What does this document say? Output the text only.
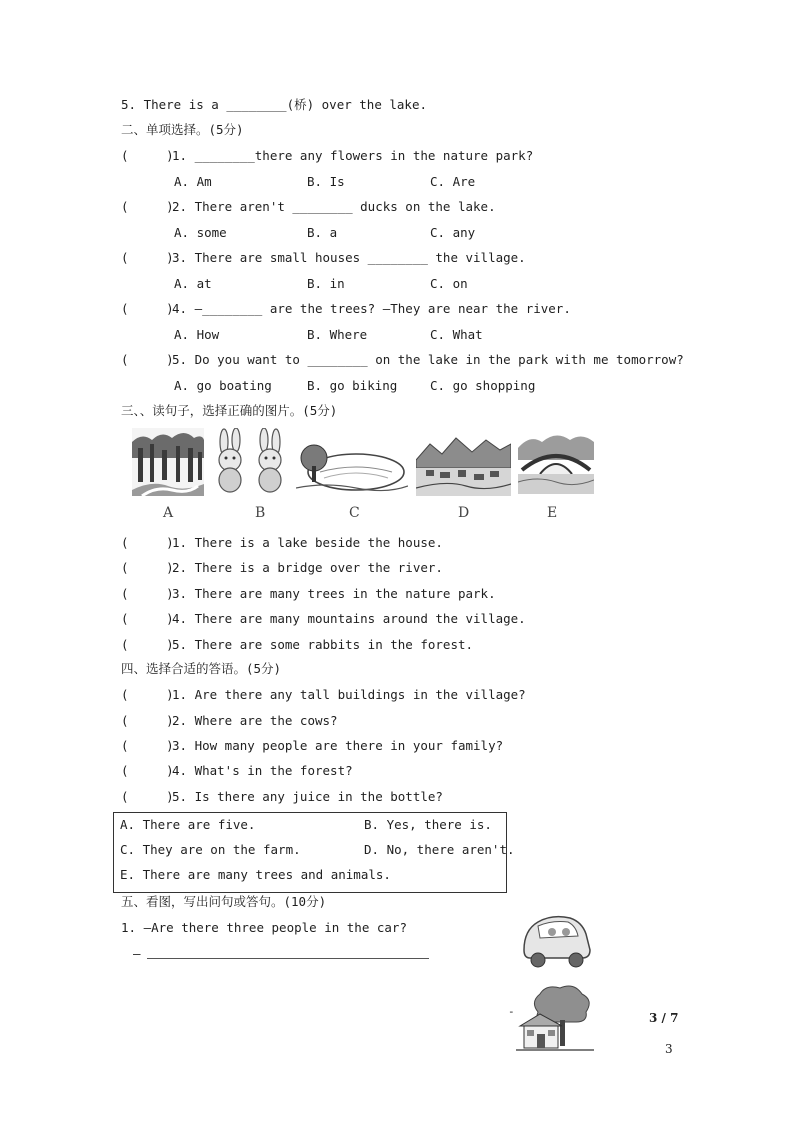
5. There is a ________(桥) over the lake.
二、单项选择。(5分)
(     )
1. ________there any flowers in the nature park?
A. Am	B. Is	C. Are
(     )
2. There aren't ________ ducks on the lake.
A. some	B. a	C. any
(     )
3. There are small houses ________ the village.
A. at	B. in	C. on
(     )
4. —________ are the trees? —They are near the river.
A. How	B. Where	C. What
(     )
5. Do you want to ________ on the lake in the park with me tomorrow?
A. go boating	B. go biking	C. go shopping
三、、读句子，选择正确的图片。(5分)
A	B	C	D	E
(     )
1. There is a lake beside the house.
(     )
2. There is a bridge over the river.
(     )
3. There are many trees in the nature park.
(     )
4. There are many mountains around the village.
(     )
5. There are some rabbits in the forest.
四、选择合适的答语。(5分)
(     )
1. Are there any tall buildings in the village?
(     )
2. Where are the cows?
(     )
3. How many people are there in your family?
(     )
4. What's in the forest?
(     )
5. Is there any juice in the bottle?
A. There are five.	B. Yes, there is.
C. They are on the farm.	D. No, there aren't.
E. There are many trees and animals.
五、看图，写出问句或答句。(10分)
1. —Are there three people in the car?
—
-	3 / 7
3
